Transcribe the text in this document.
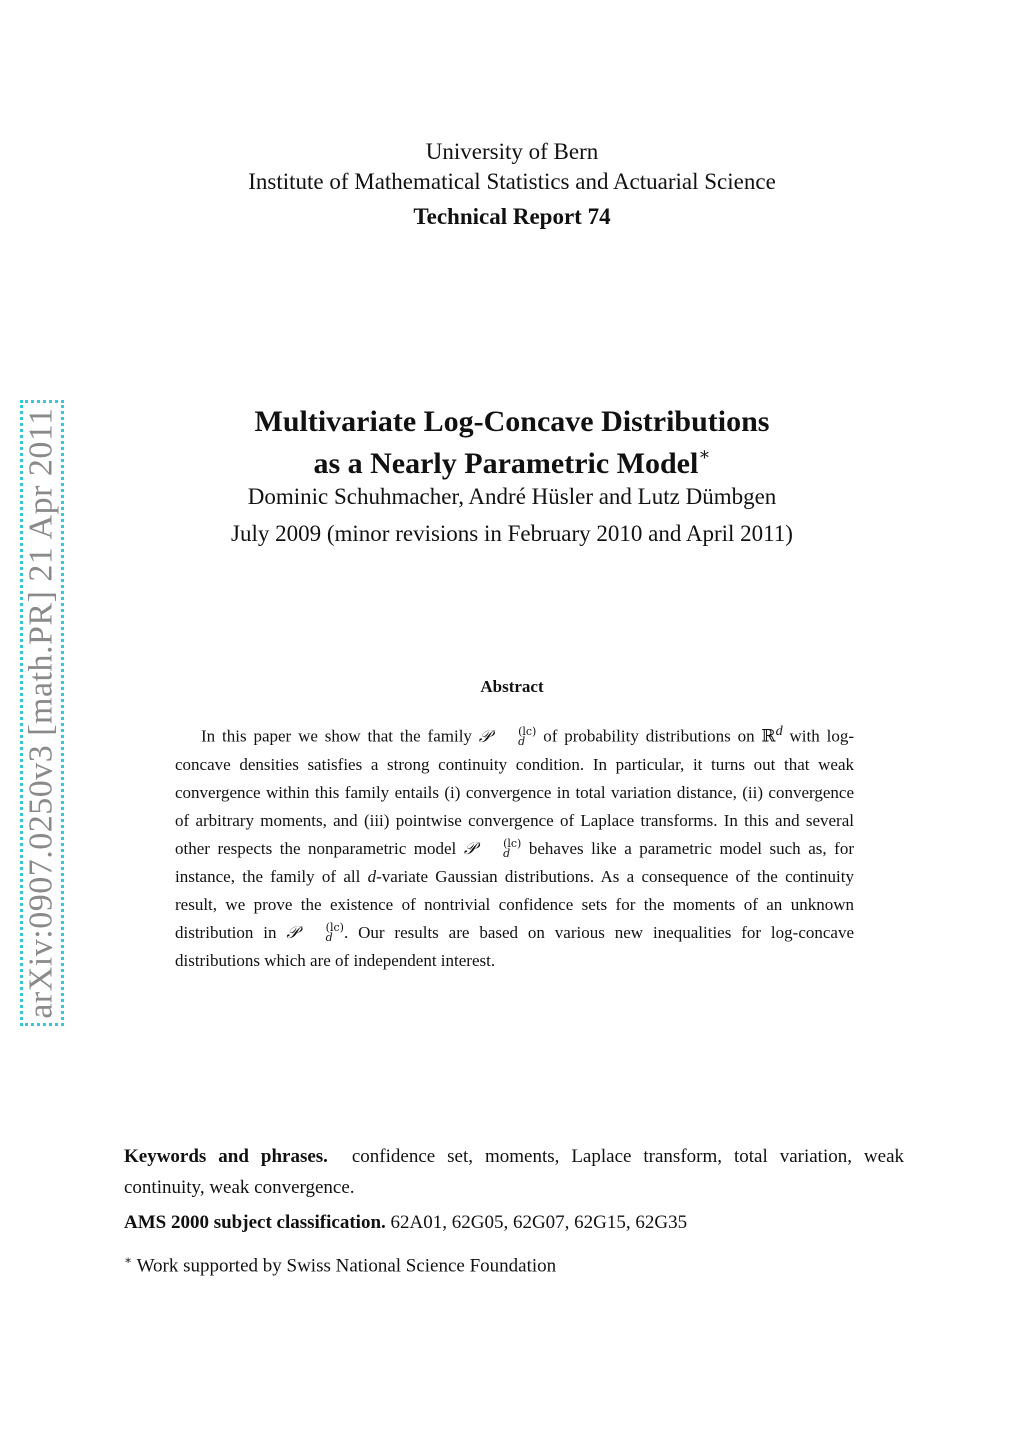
arXiv:0907.0250v3 [math.PR] 21 Apr 2011
University of Bern
Institute of Mathematical Statistics and Actuarial Science
Technical Report 74
Multivariate Log-Concave Distributions
as a Nearly Parametric Model∗
Dominic Schuhmacher, André Hüsler and Lutz Dümbgen
July 2009 (minor revisions in February 2010 and April 2011)
Abstract
In this paper we show that the family 𝒫	(lc)
d of probability distributions on ℝ$^d$ with log-concave densities satisfies a strong continuity condition. In particular, it turns out that weak convergence within this family entails (i) convergence in total variation distance, (ii) convergence of arbitrary moments, and (iii) pointwise convergence of Laplace transforms. In this and several other respects the nonparametric model 𝒫	(lc)
d behaves like a parametric model such as, for instance, the family of all d-variate Gaussian distributions. As a consequence of the continuity result, we prove the existence of nontrivial confidence sets for the moments of an unknown distribution in 𝒫	(lc)
d . Our results are based on various new inequalities for log-concave distributions which are of independent interest.
Keywords and phrases. confidence set, moments, Laplace transform, total variation, weak continuity, weak convergence.
AMS 2000 subject classification. 62A01, 62G05, 62G07, 62G15, 62G35
∗ Work supported by Swiss National Science Foundation
